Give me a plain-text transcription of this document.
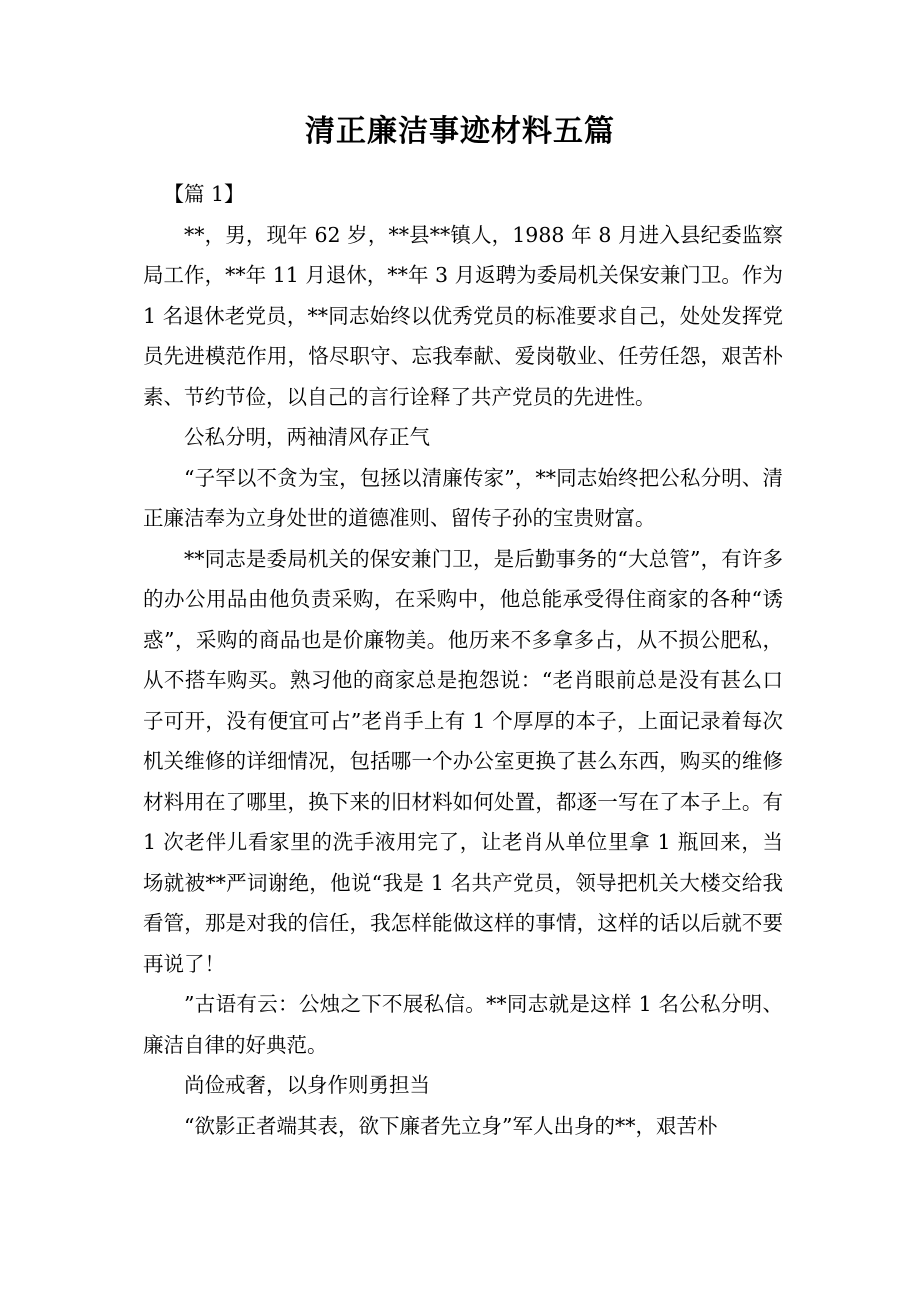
清正廉洁事迹材料五篇

【篇 1】

**，男，现年 62 岁，**县**镇人，1988 年 8 月进入县纪委监察局工作，**年 11 月退休，**年 3 月返聘为委局机关保安兼门卫。作为 1 名退休老党员，**同志始终以优秀党员的标准要求自己，处处发挥党员先进模范作用，恪尽职守、忘我奉献、爱岗敬业、任劳任怨，艰苦朴素、节约节俭，以自己的言行诠释了共产党员的先进性。

公私分明，两袖清风存正气

“子罕以不贪为宝，包拯以清廉传家”，**同志始终把公私分明、清正廉洁奉为立身处世的道德准则、留传子孙的宝贵财富。

**同志是委局机关的保安兼门卫，是后勤事务的“大总管”，有许多的办公用品由他负责采购，在采购中，他总能承受得住商家的各种“诱惑”，采购的商品也是价廉物美。他历来不多拿多占，从不损公肥私，从不搭车购买。熟习他的商家总是抱怨说：“老肖眼前总是没有甚么口子可开，没有便宜可占”老肖手上有 1 个厚厚的本子，上面记录着每次机关维修的详细情况，包括哪一个办公室更换了甚么东西，购买的维修材料用在了哪里，换下来的旧材料如何处置，都逐一写在了本子上。有 1 次老伴儿看家里的洗手液用完了，让老肖从单位里拿 1 瓶回来，当场就被**严词谢绝，他说“我是 1 名共产党员，领导把机关大楼交给我看管，那是对我的信任，我怎样能做这样的事情，这样的话以后就不要再说了！

”古语有云：公烛之下不展私信。**同志就是这样 1 名公私分明、廉洁自律的好典范。

尚俭戒奢，以身作则勇担当

“欲影正者端其表，欲下廉者先立身”军人出身的**，艰苦朴
